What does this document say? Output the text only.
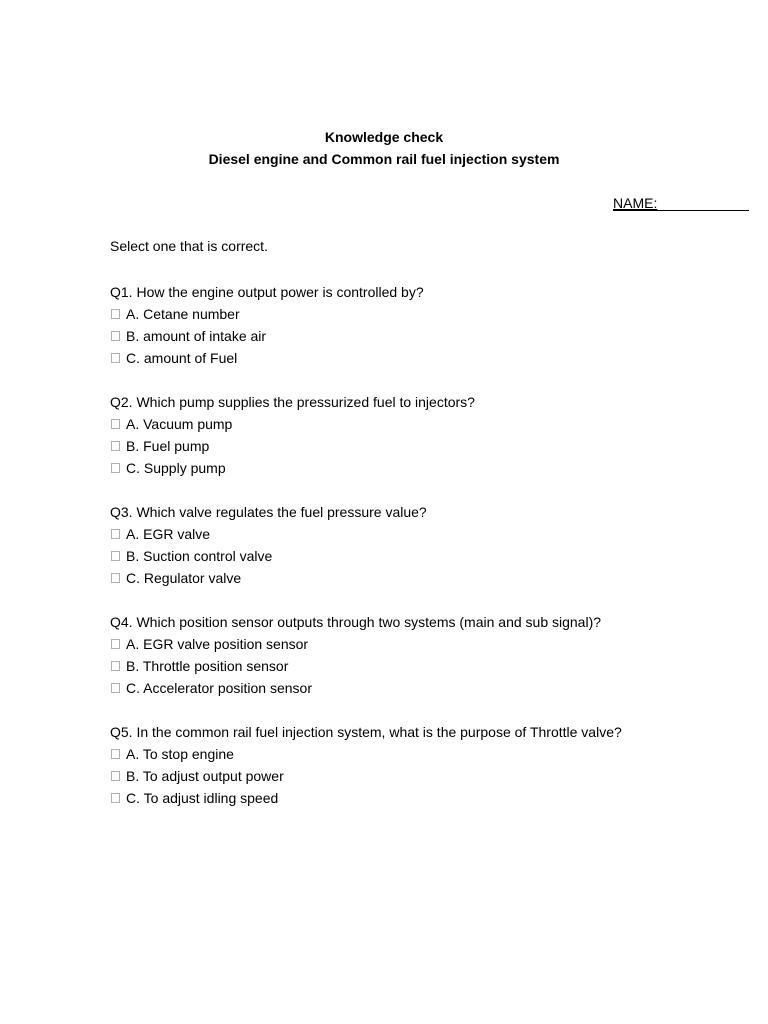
Knowledge check
Diesel engine and Common rail fuel injection system
NAME:
Select one that is correct.
Q1. How the engine output power is controlled by?
A. Cetane number
B. amount of intake air
C. amount of Fuel
Q2. Which pump supplies the pressurized fuel to injectors?
A. Vacuum pump
B. Fuel pump
C. Supply pump
Q3. Which valve regulates the fuel pressure value?
A. EGR valve
B. Suction control valve
C. Regulator valve
Q4. Which position sensor outputs through two systems (main and sub signal)?
A. EGR valve position sensor
B. Throttle position sensor
C. Accelerator position sensor
Q5. In the common rail fuel injection system, what is the purpose of Throttle valve?
A. To stop engine
B. To adjust output power
C. To adjust idling speed
